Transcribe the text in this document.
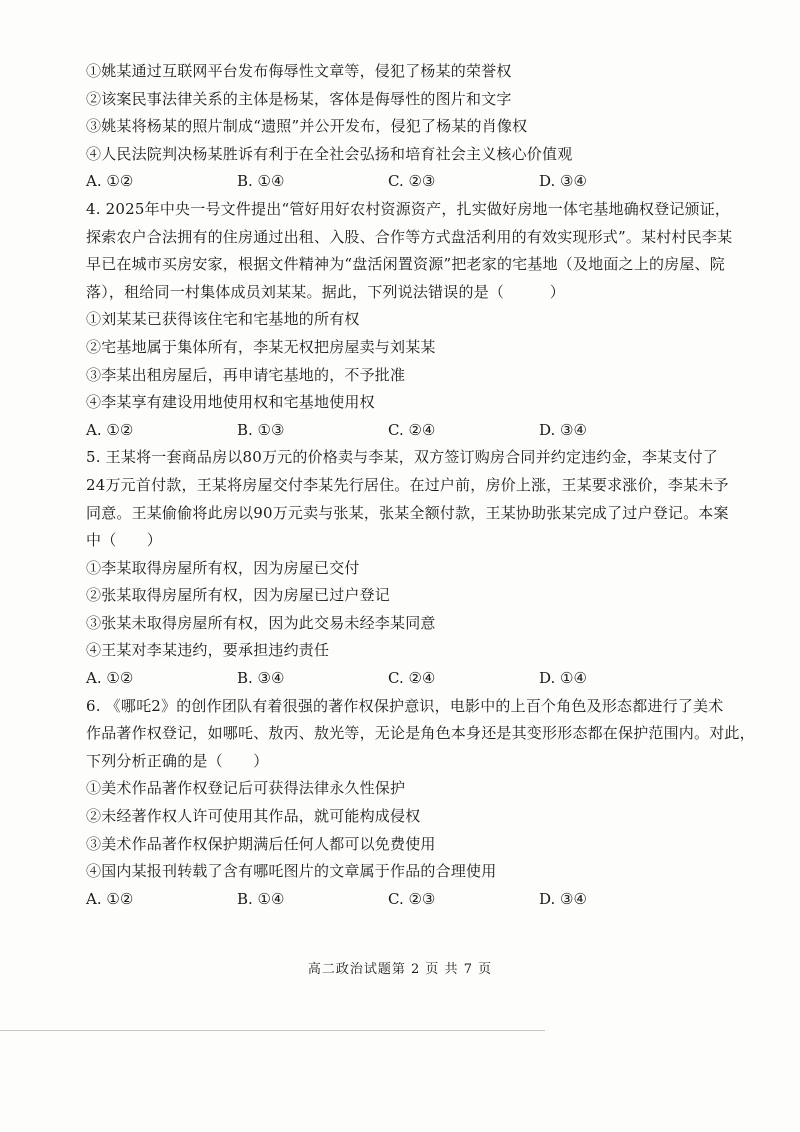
①姚某通过互联网平台发布侮辱性文章等，侵犯了杨某的荣誉权
②该案民事法律关系的主体是杨某，客体是侮辱性的图片和文字
③姚某将杨某的照片制成“遗照”并公开发布，侵犯了杨某的肖像权
④人民法院判决杨某胜诉有利于在全社会弘扬和培育社会主义核心价值观
A. ①②	B. ①④	C. ②③	D. ③④
4. 2025年中央一号文件提出“管好用好农村资源资产，扎实做好房地一体宅基地确权登记颁证，
探索农户合法拥有的住房通过出租、入股、合作等方式盘活利用的有效实现形式”。某村村民李某
早已在城市买房安家，根据文件精神为“盘活闲置资源”把老家的宅基地（及地面之上的房屋、院
落），租给同一村集体成员刘某某。据此，下列说法错误的是（　　　）
①刘某某已获得该住宅和宅基地的所有权
②宅基地属于集体所有，李某无权把房屋卖与刘某某
③李某出租房屋后，再申请宅基地的，不予批准
④李某享有建设用地使用权和宅基地使用权
A. ①②	B. ①③	C. ②④	D. ③④
5. 王某将一套商品房以80万元的价格卖与李某，双方签订购房合同并约定违约金，李某支付了
24万元首付款，王某将房屋交付李某先行居住。在过户前，房价上涨，王某要求涨价，李某未予
同意。王某偷偷将此房以90万元卖与张某，张某全额付款，王某协助张某完成了过户登记。本案
中（　　）
①李某取得房屋所有权，因为房屋已交付
②张某取得房屋所有权，因为房屋已过户登记
③张某未取得房屋所有权，因为此交易未经李某同意
④王某对李某违约，要承担违约责任
A. ①②	B. ③④	C. ②④	D. ①④
6. 《哪吒2》的创作团队有着很强的著作权保护意识，电影中的上百个角色及形态都进行了美术
作品著作权登记，如哪吒、敖丙、敖光等，无论是角色本身还是其变形形态都在保护范围内。对此，
下列分析正确的是（　　）
①美术作品著作权登记后可获得法律永久性保护
②未经著作权人许可使用其作品，就可能构成侵权
③美术作品著作权保护期满后任何人都可以免费使用
④国内某报刊转载了含有哪吒图片的文章属于作品的合理使用
A. ①②	B. ①④	C. ②③	D. ③④
高二政治试题第 2 页 共 7 页
